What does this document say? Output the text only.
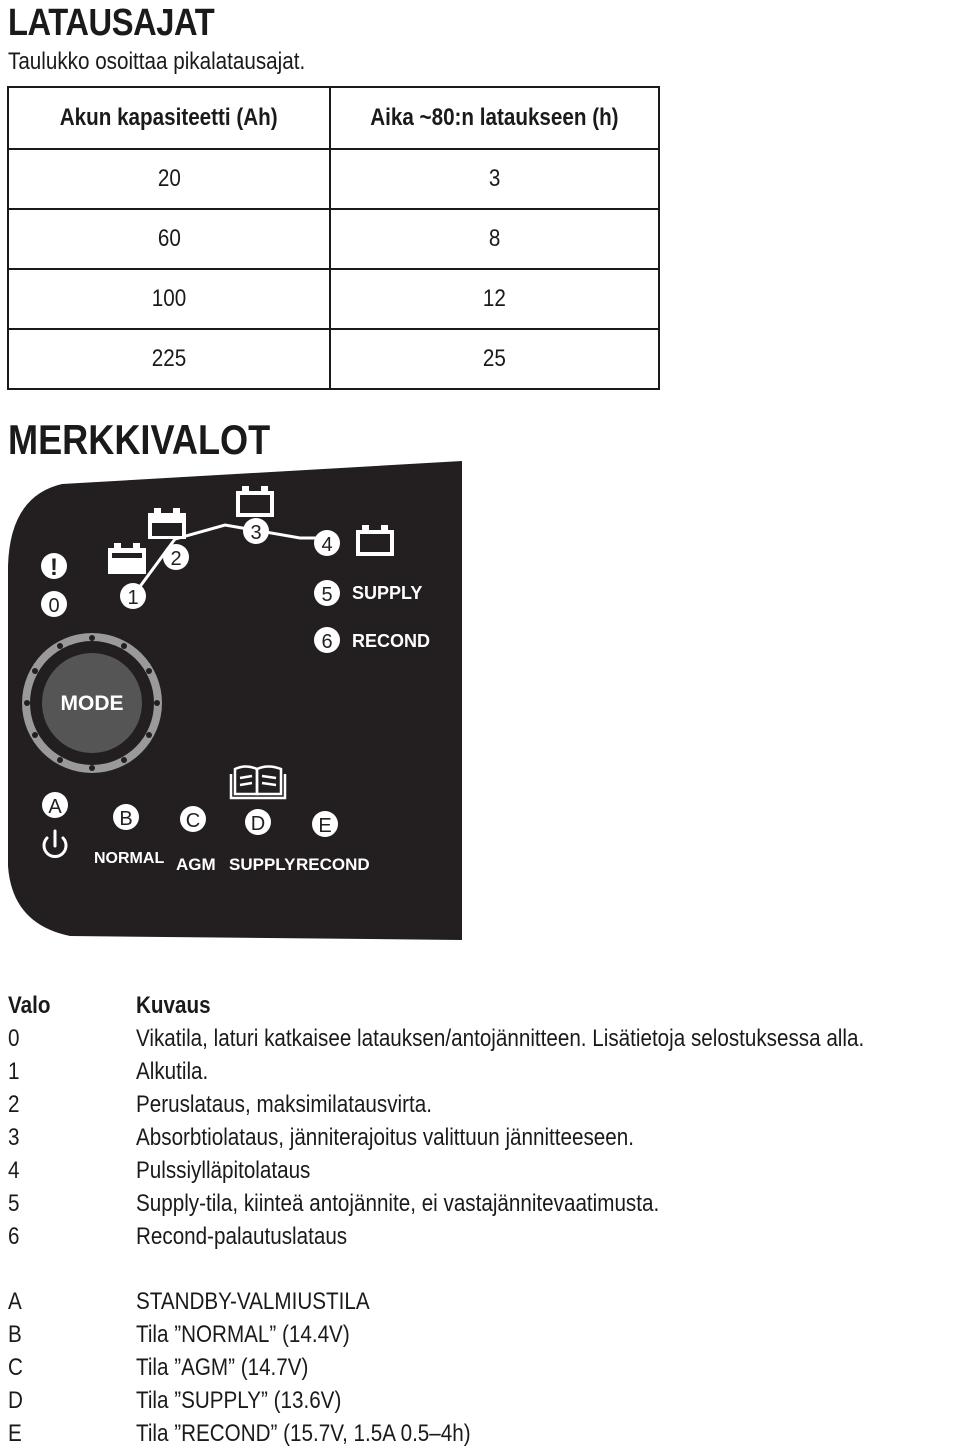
LATAUSAJAT
Taulukko osoittaa pikalatausajat.
Akun kapasiteetti (Ah)	Aika ~80:n lataukseen (h)
20	3
60	8
100	12
225	25
MERKKIVALOT
!
0	1
2
3
4
5
6
SUPPLY
RECOND
MODE
A
B	C	D	E
NORMAL AGM SUPPLY RECOND
Valo	Kuvaus
0	Vikatila, laturi katkaisee latauksen/antojännitteen. Lisätietoja selostuksessa alla.
1	Alkutila.
2	Peruslataus, maksimilatausvirta.
3	Absorbtiolataus, jänniterajoitus valittuun jännitteeseen.
4	Pulssiylläpitolataus
5	Supply-tila, kiinteä antojännite, ei vastajännitevaatimusta.
6	Recond-palautuslataus
A	STANDBY-VALMIUSTILA
B	Tila ”NORMAL” (14.4V)
C	Tila ”AGM” (14.7V)
D	Tila ”SUPPLY” (13.6V)
E	Tila ”RECOND” (15.7V, 1.5A 0.5–4h)
